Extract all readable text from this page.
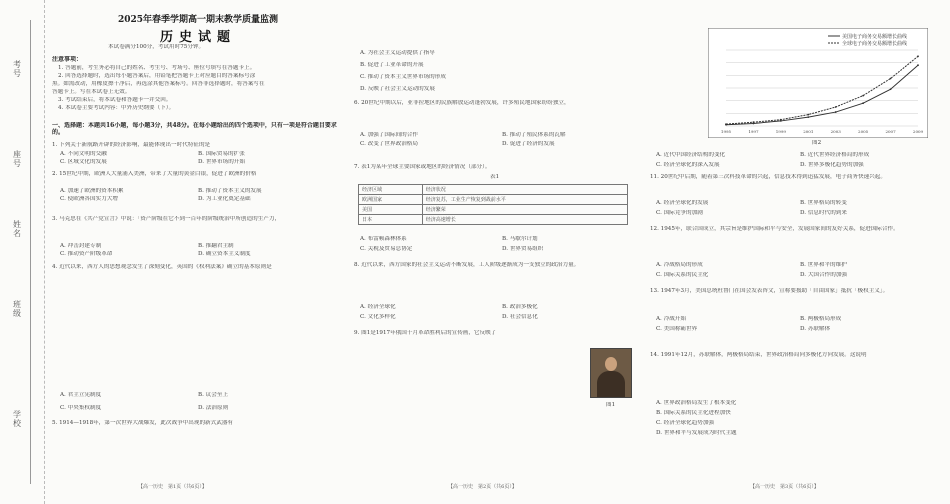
考号
座号
姓名
班级
学校
2025年春季学期高一期末教学质量监测
历史试题
本试卷满分100分，考试用时75分钟。
注意事项：
1. 答题前，考生务必将自己的姓名、考生号、考场号、座位号填写在答题卡上。
2. 回答选择题时，选出每小题答案后，用铅笔把答题卡上对应题目的答案标号涂
黑。如需改动，用橡皮擦干净后，再选涂其他答案标号。回答非选择题时，将答案写在
答题卡上。写在本试卷上无效。
3. 考试结束后，将本试卷和答题卡一并交回。
4. 本试卷主要考试内容：中外历史纲要（下）。
一、选择题：本题共16小题，每小题3分，共48分。在每小题给出的四个选项中，只有一项是符合题目要求的。
1. 下列关于新航路开辟的经济影响，最能体现出一时代特征的是
A. 不同文明的交融	B. 国际贸易的扩张
C. 区域文化的发展	D. 世界市场的开始
2. 15世纪中期，欧洲人大量涌入美洲，带来了大量的黄金白银，促进了欧洲的价格
A. 加速了欧洲的资本积累	B. 推动了资本主义的发展
C. 使欧洲各国实力大增	D. 为工业化奠定基础
3. 马克思在《共产党宣言》中说：「资产阶级在它不到一百年的阶级统治中所创造的生产力，
A. 冲击封建专制	B. 推翻君主制
C. 推动资产阶级革命	D. 确立资本主义制度
4. 近代以来，西方人的思想观念发生了深刻变化，英国的《权利法案》确立的基本原则是
A. 君主立宪制度	B. 议会至上
C. 中央集权制度	D. 法治原则
5. 1914—1918年，第一次世界大战爆发，此次战争中出现的新式武器有
【高一历史　第1页（共6页）】
A. 为社会主义运动提供了指导
B. 促进了工业革命的开展
C. 推动了资本主义世界市场的形成
D. 反映了社会主义运动的发展
6. 20世纪中期以后，亚非拉地区的民族解放运动蓬勃发展，许多殖民地国家纷纷独立，
A. 加强了国际间的合作	B. 推动了殖民体系的瓦解
C. 改变了世界政治格局	D. 促进了经济的发展
7. 表1为某年全球主要国家或地区的经济情况（部分）。
表1
经济区域	经济状况
欧洲国家	经济复苏，工业生产恢复到战前水平
美国	经济繁荣
日本	经济高速增长
A. 布雷顿森林体系	B. 马歇尔计划
C. 关税及贸易总协定	D. 世界贸易组织
8. 近代以来，西方国家的社会主义运动不断发展，工人阶级逐渐成为一支独立的政治力量。
A. 经济全球化	B. 政治多极化
C. 文化多样化	D. 社会信息化
9. 图1是1917年俄国十月革命胜利后的宣传画，它反映了
图1
【高一历史　第2页（共6页）】
美国电子商务交易额增长曲线
全球电子商务交易额增长曲线
1995	1997	1999	2001	2003	2005	2007	2009
图2
A. 近代中国经济结构的变化	B. 近代世界经济格局的形成
C. 经济全球化的深入发展	D. 世界多极化趋势的加强
11. 20世纪中后期，随着第三次科技革命的兴起，信息技术得到迅猛发展，电子商务快速兴起。
A. 经济全球化的发展	B. 世界格局的转变
C. 国际竞争的加剧	D. 信息时代的到来
12. 1945年，联合国成立，其宗旨是维护国际和平与安全，发展国家间的友好关系，促进国际合作。
A. 冷战格局的形成	B. 世界和平的维护
C. 国际关系的民主化	D. 大国合作的加强
13. 1947年3月，美国总统杜鲁门在国会发表咨文，宣称要援助「自由国家」抵抗「极权主义」。
A. 冷战开始	B. 两极格局形成
C. 美国称霸世界	D. 苏联解体
14. 1991年12月，苏联解体，两极格局结束，世界政治格局向多极化方向发展。这说明
A. 世界政治格局发生了根本变化
B. 国际关系的民主化进程加快
C. 经济全球化趋势加强
D. 世界和平与发展成为时代主题
【高一历史　第3页（共6页）】
